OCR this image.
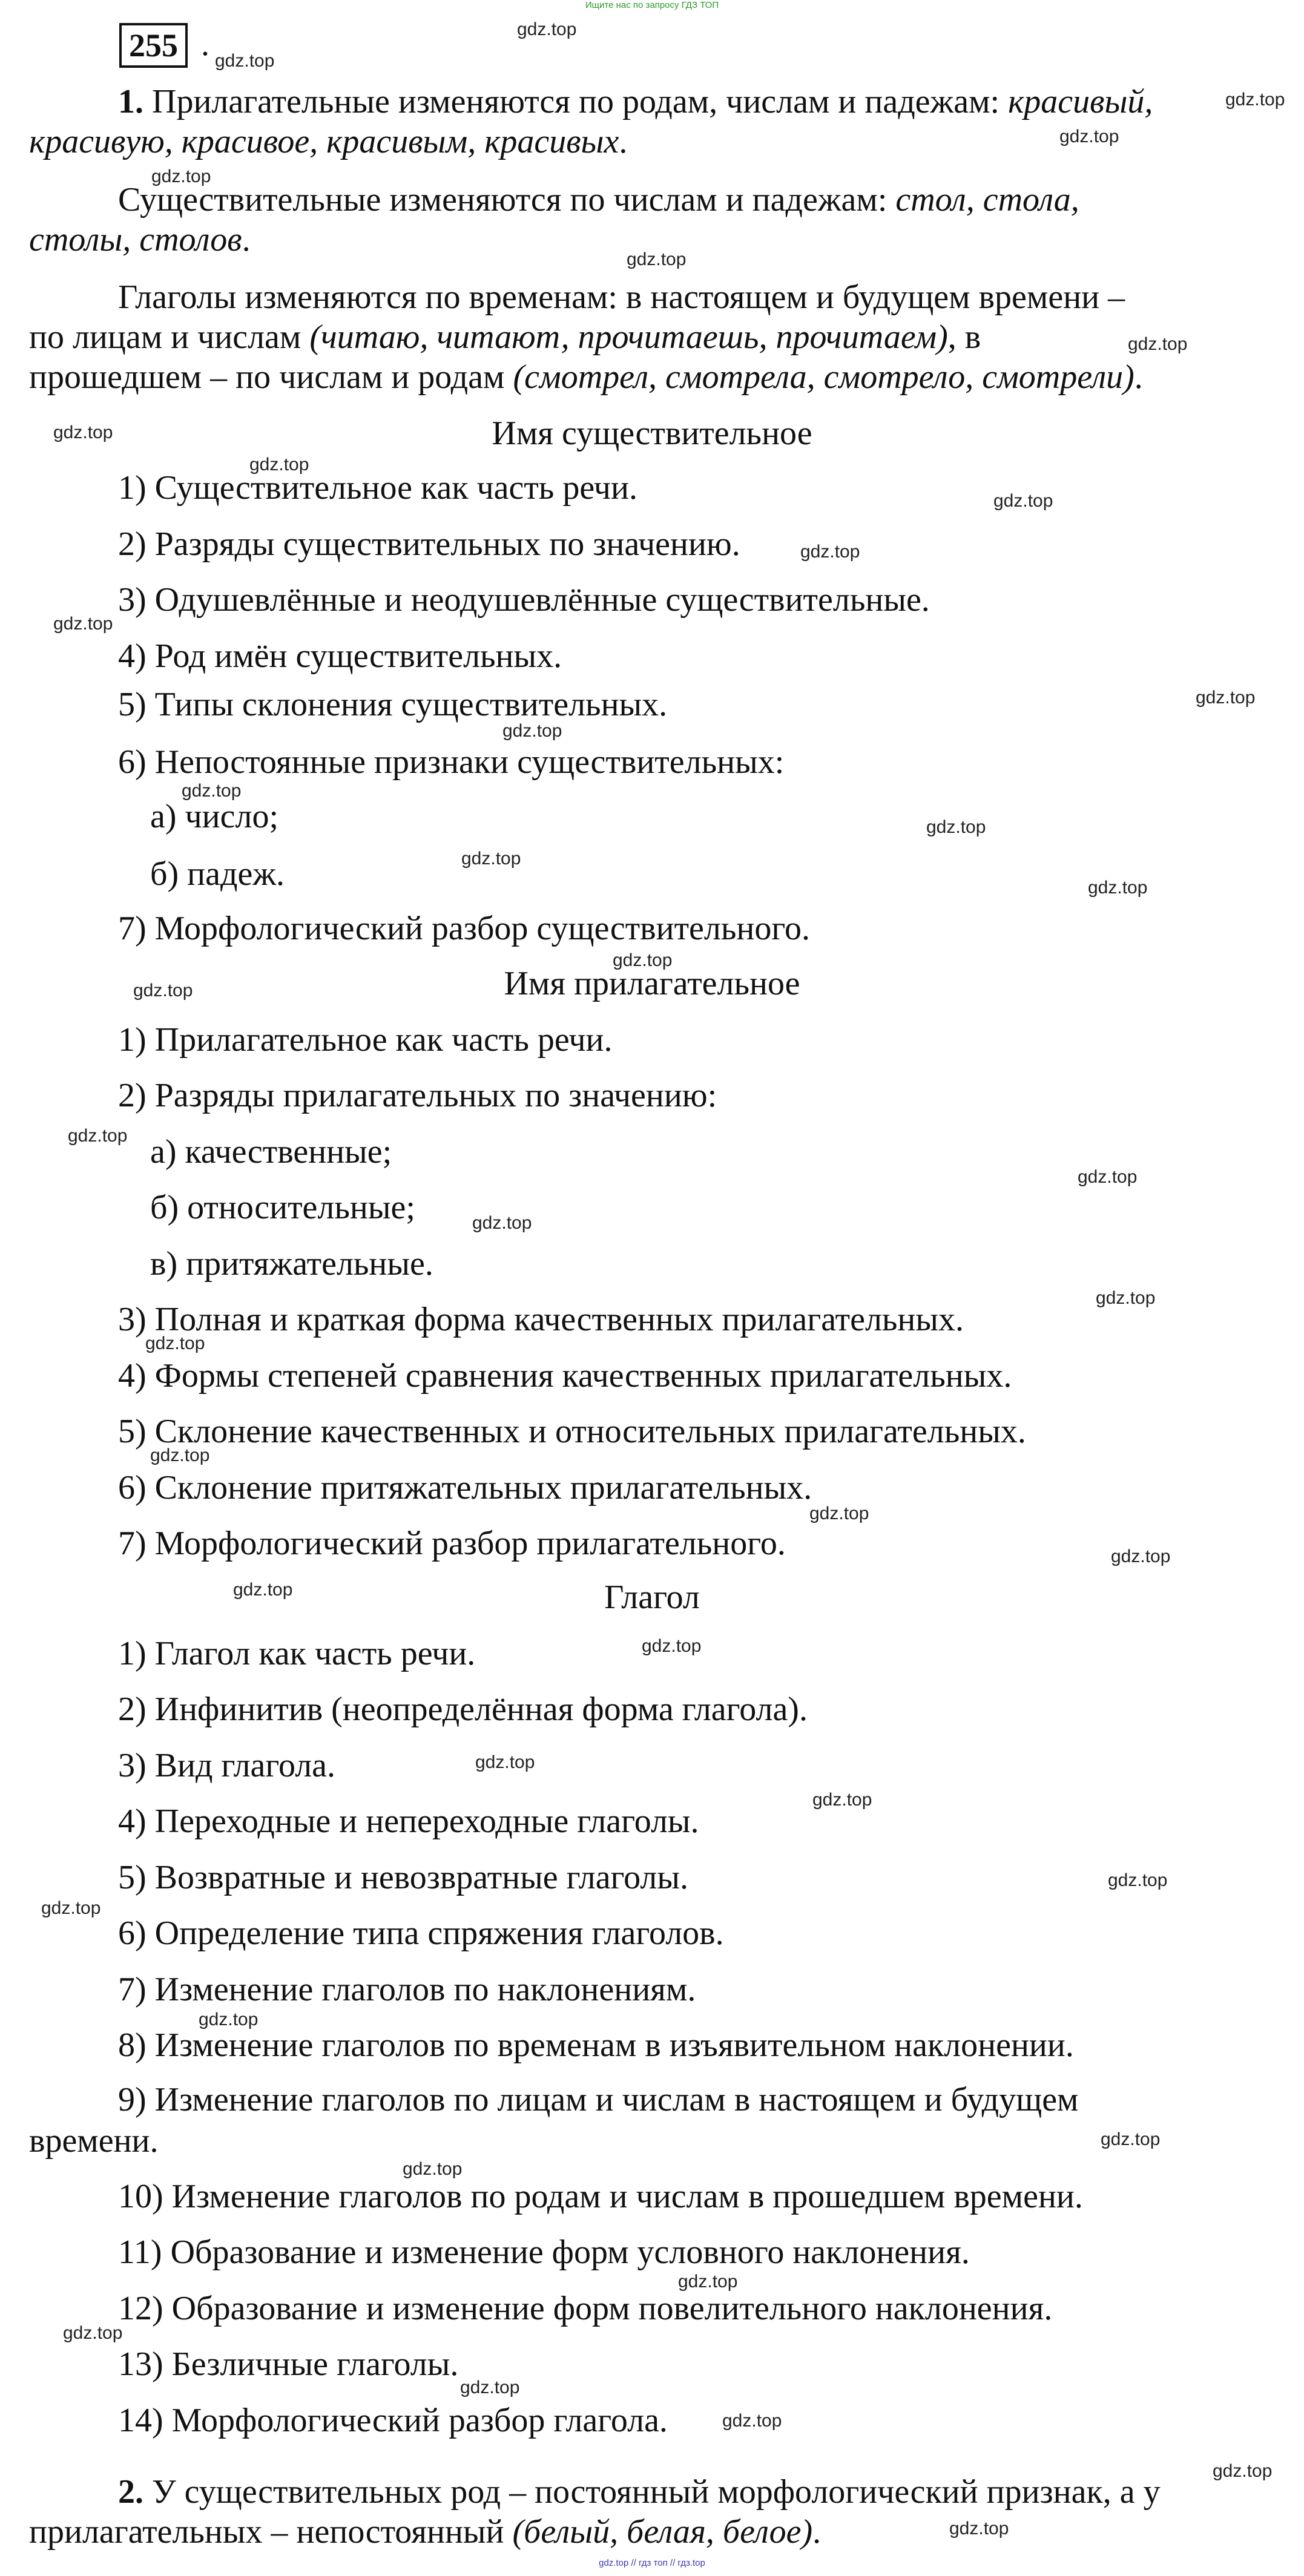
Ищите нас по запросу ГДЗ ТОП
255 .
1. Прилагательные изменяются по родам, числам и падежам: красивый,
красивую, красивое, красивым, красивых.
Существительные изменяются по числам и падежам: стол, стола,
столы, столов.
Глаголы изменяются по временам: в настоящем и будущем времени –
по лицам и числам (читаю, читают, прочитаешь, прочитаем), в
прошедшем – по числам и родам (смотрел, смотрела, смотрело, смотрели).
Имя существительное
1) Существительное как часть речи.
2) Разряды существительных по значению.
3) Одушевлённые и неодушевлённые существительные.
4) Род имён существительных.
5) Типы склонения существительных.
6) Непостоянные признаки существительных:
а) число;
б) падеж.
7) Морфологический разбор существительного.
Имя прилагательное
1) Прилагательное как часть речи.
2) Разряды прилагательных по значению:
а) качественные;
б) относительные;
в) притяжательные.
3) Полная и краткая форма качественных прилагательных.
4) Формы степеней сравнения качественных прилагательных.
5) Склонение качественных и относительных прилагательных.
6) Склонение притяжательных прилагательных.
7) Морфологический разбор прилагательного.
Глагол
1) Глагол как часть речи.
2) Инфинитив (неопределённая форма глагола).
3) Вид глагола.
4) Переходные и непереходные глаголы.
5) Возвратные и невозвратные глаголы.
6) Определение типа спряжения глаголов.
7) Изменение глаголов по наклонениям.
8) Изменение глаголов по временам в изъявительном наклонении.
9) Изменение глаголов по лицам и числам в настоящем и будущем
времени.
10) Изменение глаголов по родам и числам в прошедшем времени.
11) Образование и изменение форм условного наклонения.
12) Образование и изменение форм повелительного наклонения.
13) Безличные глаголы.
14) Морфологический разбор глагола.
2. У существительных род – постоянный морфологический признак, а у
прилагательных – непостоянный (белый, белая, белое).
gdz.top
gdz.top
gdz.top
gdz.top
gdz.top
gdz.top
gdz.top
gdz.top
gdz.top
gdz.top
gdz.top
gdz.top
gdz.top
gdz.top
gdz.top
gdz.top
gdz.top
gdz.top
gdz.top
gdz.top
gdz.top
gdz.top
gdz.top
gdz.top
gdz.top
gdz.top
gdz.top
gdz.top
gdz.top
gdz.top
gdz.top
gdz.top
gdz.top
gdz.top
gdz.top
gdz.top
gdz.top
gdz.top
gdz.top
gdz.top
gdz.top
gdz.top
gdz.top
gdz.top // гдз топ // гдз.top
